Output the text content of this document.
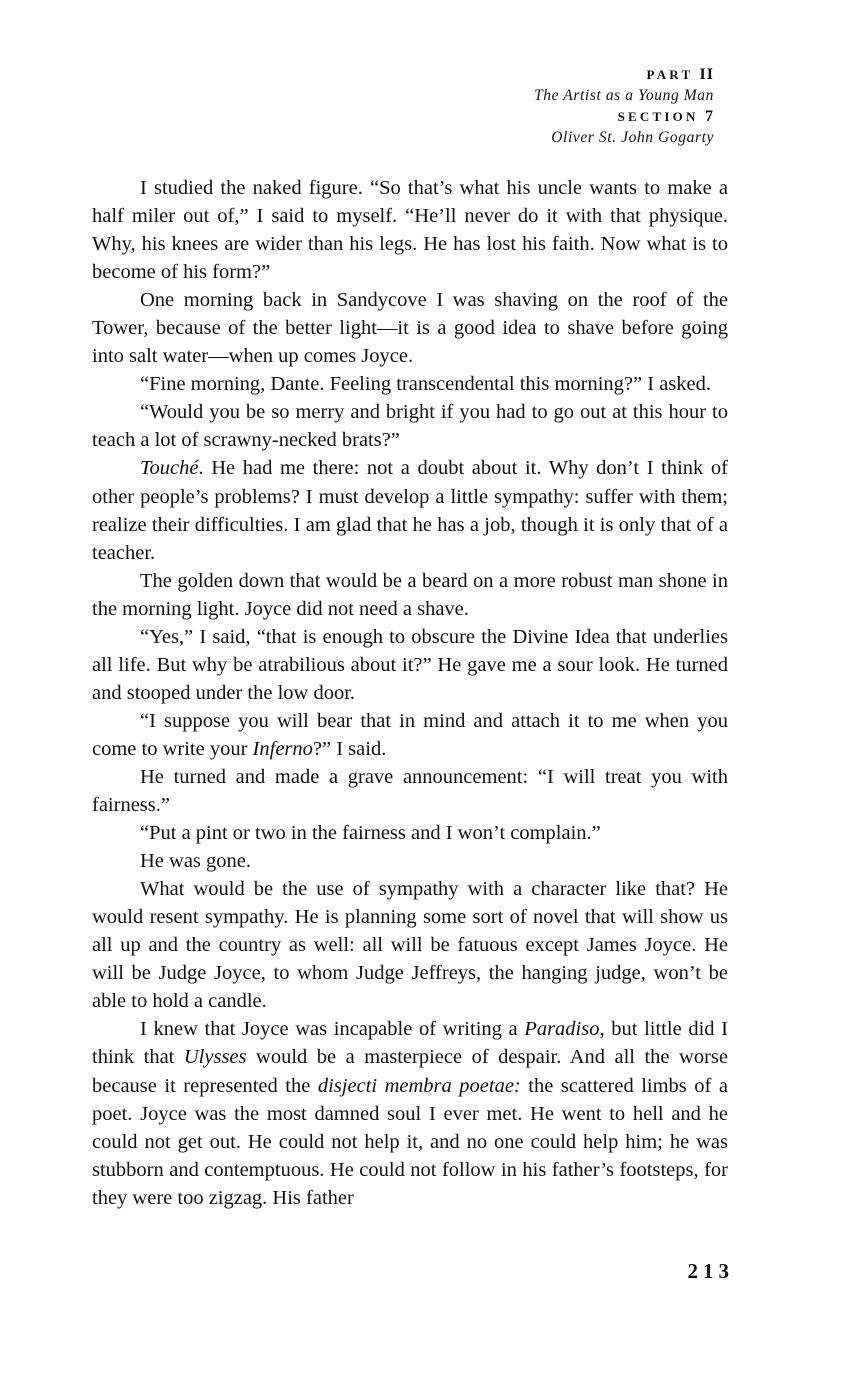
PART II
The Artist as a Young Man
SECTION 7
Oliver St. John Gogarty

I studied the naked figure. “So that’s what his uncle wants to make a half miler out of,” I said to myself. “He’ll never do it with that physique. Why, his knees are wider than his legs. He has lost his faith. Now what is to become of his form?”

One morning back in Sandycove I was shaving on the roof of the Tower, because of the better light—it is a good idea to shave before going into salt water—when up comes Joyce.

“Fine morning, Dante. Feeling transcendental this morning?” I asked.

“Would you be so merry and bright if you had to go out at this hour to teach a lot of scrawny-necked brats?”

Touché. He had me there: not a doubt about it. Why don’t I think of other people’s problems? I must develop a little sympathy: suffer with them; realize their difficulties. I am glad that he has a job, though it is only that of a teacher.

The golden down that would be a beard on a more robust man shone in the morning light. Joyce did not need a shave.

“Yes,” I said, “that is enough to obscure the Divine Idea that underlies all life. But why be atrabilious about it?” He gave me a sour look. He turned and stooped under the low door.

“I suppose you will bear that in mind and attach it to me when you come to write your Inferno?” I said.

He turned and made a grave announcement: “I will treat you with fairness.”

“Put a pint or two in the fairness and I won’t complain.”

He was gone.

What would be the use of sympathy with a character like that? He would resent sympathy. He is planning some sort of novel that will show us all up and the country as well: all will be fatuous except James Joyce. He will be Judge Joyce, to whom Judge Jeffreys, the hanging judge, won’t be able to hold a candle.

I knew that Joyce was incapable of writing a Paradiso, but little did I think that Ulysses would be a masterpiece of despair. And all the worse because it represented the disjecti membra poetae: the scattered limbs of a poet. Joyce was the most damned soul I ever met. He went to hell and he could not get out. He could not help it, and no one could help him; he was stubborn and contemptuous. He could not follow in his father’s footsteps, for they were too zigzag. His father

213
